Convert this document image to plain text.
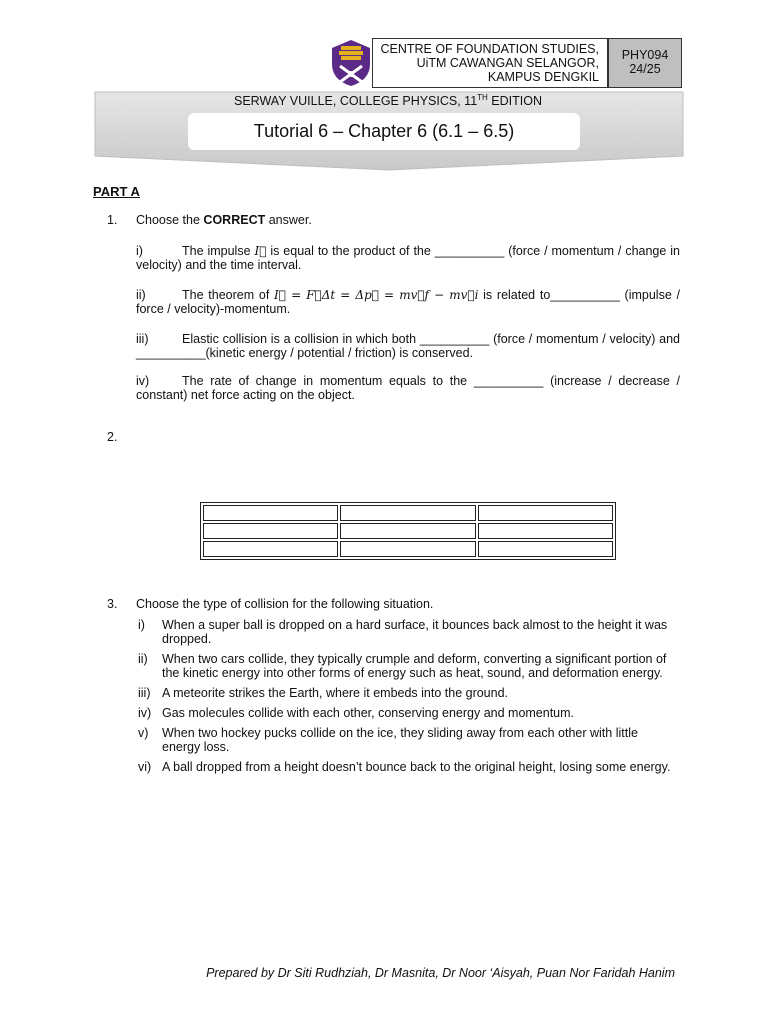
CENTRE OF FOUNDATION STUDIES,
UiTM CAWANGAN SELANGOR,
KAMPUS DENGKIL
PHY094
24/25
SERWAY VUILLE, COLLEGE PHYSICS, 11TH EDITION
Tutorial 6 – Chapter 6 (6.1 – 6.5)
PART A
1. Choose the CORRECT answer.
i)	The impulse I⃗ is equal to the product of the __________ (force / momentum / change in velocity) and the time interval.
ii)	The theorem of I⃗ = F⃗Δt = Δp⃗ = mv⃗f − mv⃗i is related to__________ (impulse / force / velocity)-momentum.
iii)	Elastic collision is a collision in which both __________ (force / momentum / velocity) and __________(kinetic energy / potential / friction) is conserved.
iv)	The rate of change in momentum equals to the __________ (increase / decrease / constant) net force acting on the object.
2.

3. Choose the type of collision for the following situation.
i) When a super ball is dropped on a hard surface, it bounces back almost to the height it was dropped.
ii) When two cars collide, they typically crumple and deform, converting a significant portion of the kinetic energy into other forms of energy such as heat, sound, and deformation energy.
iii) A meteorite strikes the Earth, where it embeds into the ground.
iv) Gas molecules collide with each other, conserving energy and momentum.
v) When two hockey pucks collide on the ice, they sliding away from each other with little energy loss.
vi) A ball dropped from a height doesn’t bounce back to the original height, losing some energy.
Prepared by Dr Siti Rudhziah, Dr Masnita, Dr Noor ‘Aisyah, Puan Nor Faridah Hanim
